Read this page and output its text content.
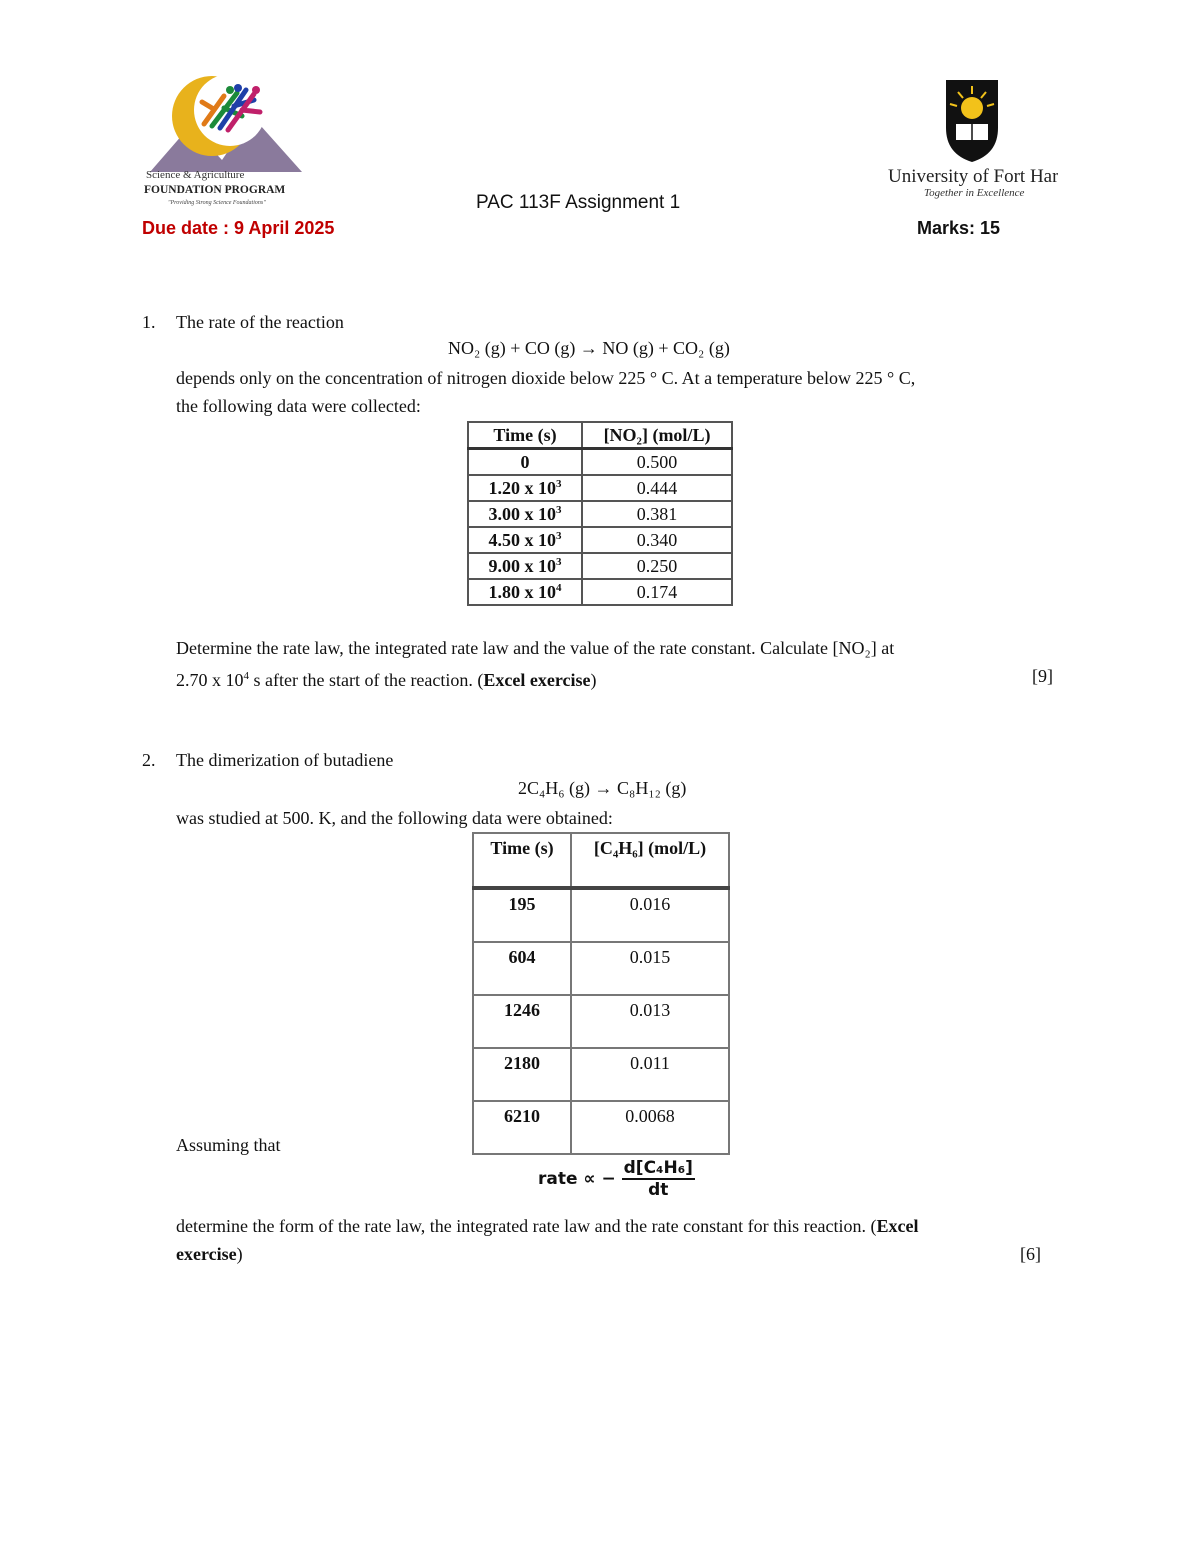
Science & Agriculture
FOUNDATION PROGRAM
"Providing Strong Science Foundations"
University of Fort Hare
Together in Excellence
PAC 113F Assignment 1
Due date : 9 April 2025	Marks: 15
1. The rate of the reaction
NO₂ (g) + CO (g) → NO (g) + CO₂ (g)
depends only on the concentration of nitrogen dioxide below 225 ° C. At a temperature below 225 ° C,
the following data were collected:
Time (s)	[NO₂] (mol/L)
0	0.500
1.20 x $10^3$	0.444
3.00 x $10^3$	0.381
4.50 x $10^3$	0.340
9.00 x $10^3$	0.250
1.80 x $10^4$	0.174
Determine the rate law, the integrated rate law and the value of the rate constant. Calculate [NO₂] at
2.70 x $10^4$ s after the start of the reaction. (Excel exercise)	[9]
2. The dimerization of butadiene
2C₄H₆ (g) → C₈H₁₂ (g)
was studied at 500. K, and the following data were obtained:
Time (s)	[C₄H₆] (mol/L)
195	0.016
604	0.015
1246	0.013
2180	0.011
6210	0.0068
Assuming that
rate ∝ − $\frac{\text{d[C₄H₆]}}{dt}$
determine the form of the rate law, the integrated rate law and the rate constant for this reaction. (Excel
exercise)	[6]
